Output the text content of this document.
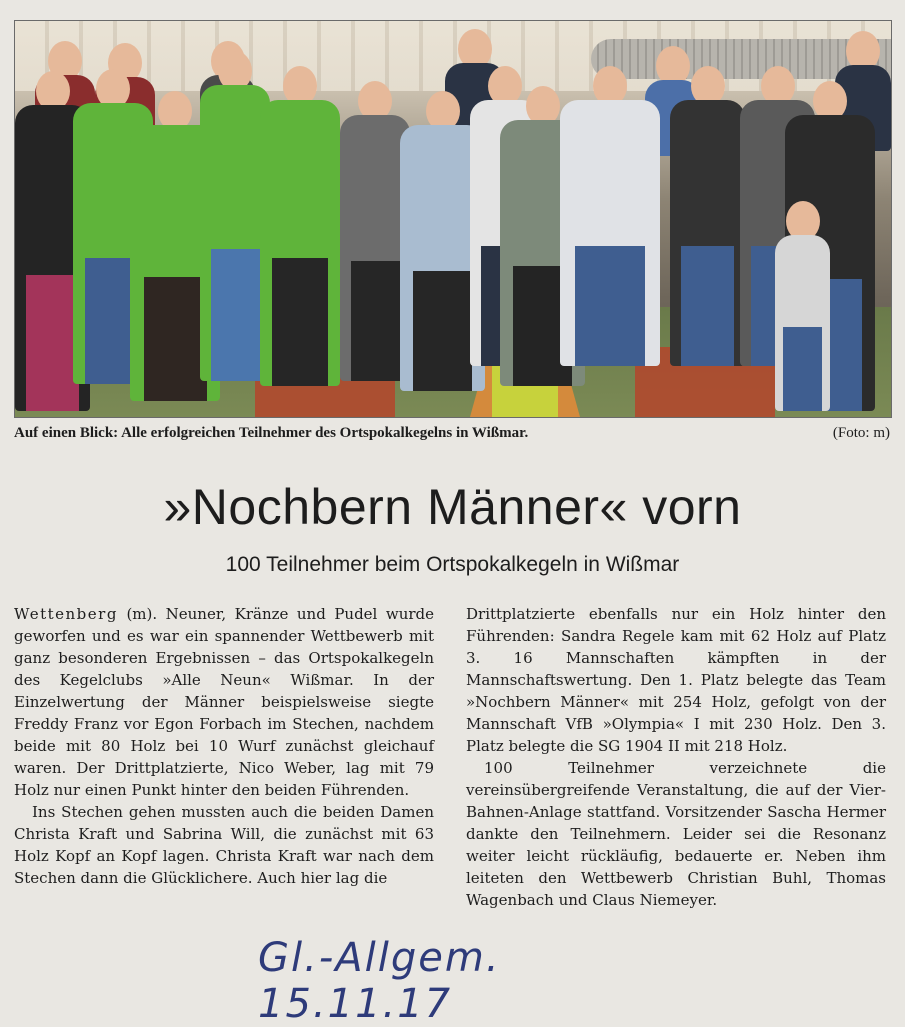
Auf einen Blick: Alle erfolgreichen Teilnehmer des Ortspokalkegelns in Wißmar.	(Foto: m)
»Nochbern Männer« vorn
100 Teilnehmer beim Ortspokalkegeln in Wißmar

Wettenberg (m). Neuner, Kränze und Pudel wurde geworfen und es war ein spannender Wettbewerb mit ganz besonderen Ergebnissen – das Ortspokalkegeln des Kegelclubs »Alle Neun« Wißmar. In der Einzelwertung der Männer beispielsweise siegte Freddy Franz vor Egon Forbach im Stechen, nachdem beide mit 80 Holz bei 10 Wurf zunächst gleichauf waren. Der Drittplatzierte, Nico Weber, lag mit 79 Holz nur einen Punkt hinter den beiden Führenden.

Ins Stechen gehen mussten auch die beiden Damen Christa Kraft und Sabrina Will, die zunächst mit 63 Holz Kopf an Kopf lagen. Christa Kraft war nach dem Stechen dann die Glücklichere. Auch hier lag die

Drittplatzierte ebenfalls nur ein Holz hinter den Führenden: Sandra Regele kam mit 62 Holz auf Platz 3. 16 Mannschaften kämpften in der Mannschaftswertung. Den 1. Platz belegte das Team »Nochbern Männer« mit 254 Holz, gefolgt von der Mannschaft VfB »Olympia« I mit 230 Holz. Den 3. Platz belegte die SG 1904 II mit 218 Holz.

100 Teilnehmer verzeichnete die vereinsübergreifende Veranstaltung, die auf der Vier-Bahnen-Anlage stattfand. Vorsitzender Sascha Hermer dankte den Teilnehmern. Leider sei die Resonanz weiter leicht rückläufig, bedauerte er. Neben ihm leiteten den Wettbewerb Christian Buhl, Thomas Wagenbach und Claus Niemeyer.

Gl.-Allgem. 15.11.17
